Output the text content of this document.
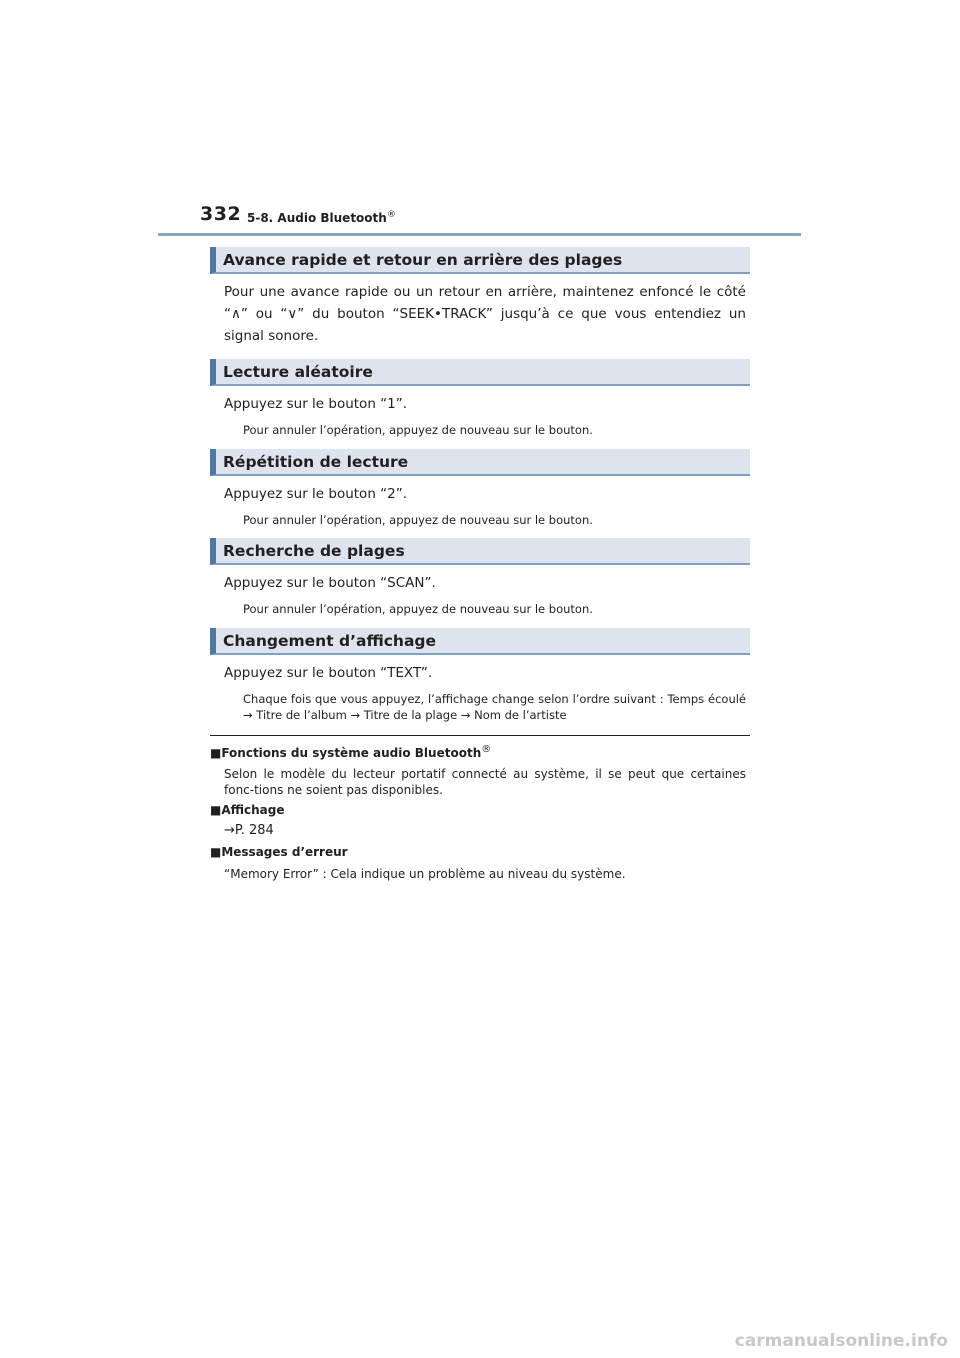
332 5-8. Audio Bluetooth®
Avance rapide et retour en arrière des plages
Pour une avance rapide ou un retour en arrière, maintenez enfoncé le côté “∧” ou “∨” du bouton “SEEK•TRACK” jusqu’à ce que vous entendiez un signal sonore.
Lecture aléatoire
Appuyez sur le bouton “1”.
Pour annuler l’opération, appuyez de nouveau sur le bouton.
Répétition de lecture
Appuyez sur le bouton “2”.
Pour annuler l’opération, appuyez de nouveau sur le bouton.
Recherche de plages
Appuyez sur le bouton “SCAN”.
Pour annuler l’opération, appuyez de nouveau sur le bouton.
Changement d’affichage
Appuyez sur le bouton “TEXT”.
Chaque fois que vous appuyez, l’affichage change selon l’ordre suivant : Temps écoulé → Titre de l’album → Titre de la plage → Nom de l’artiste
■Fonctions du système audio Bluetooth®
Selon le modèle du lecteur portatif connecté au système, il se peut que certaines fonc-tions ne soient pas disponibles.
■Affichage
→P. 284
■Messages d’erreur
“Memory Error” : Cela indique un problème au niveau du système.
carmanualsonline.info
